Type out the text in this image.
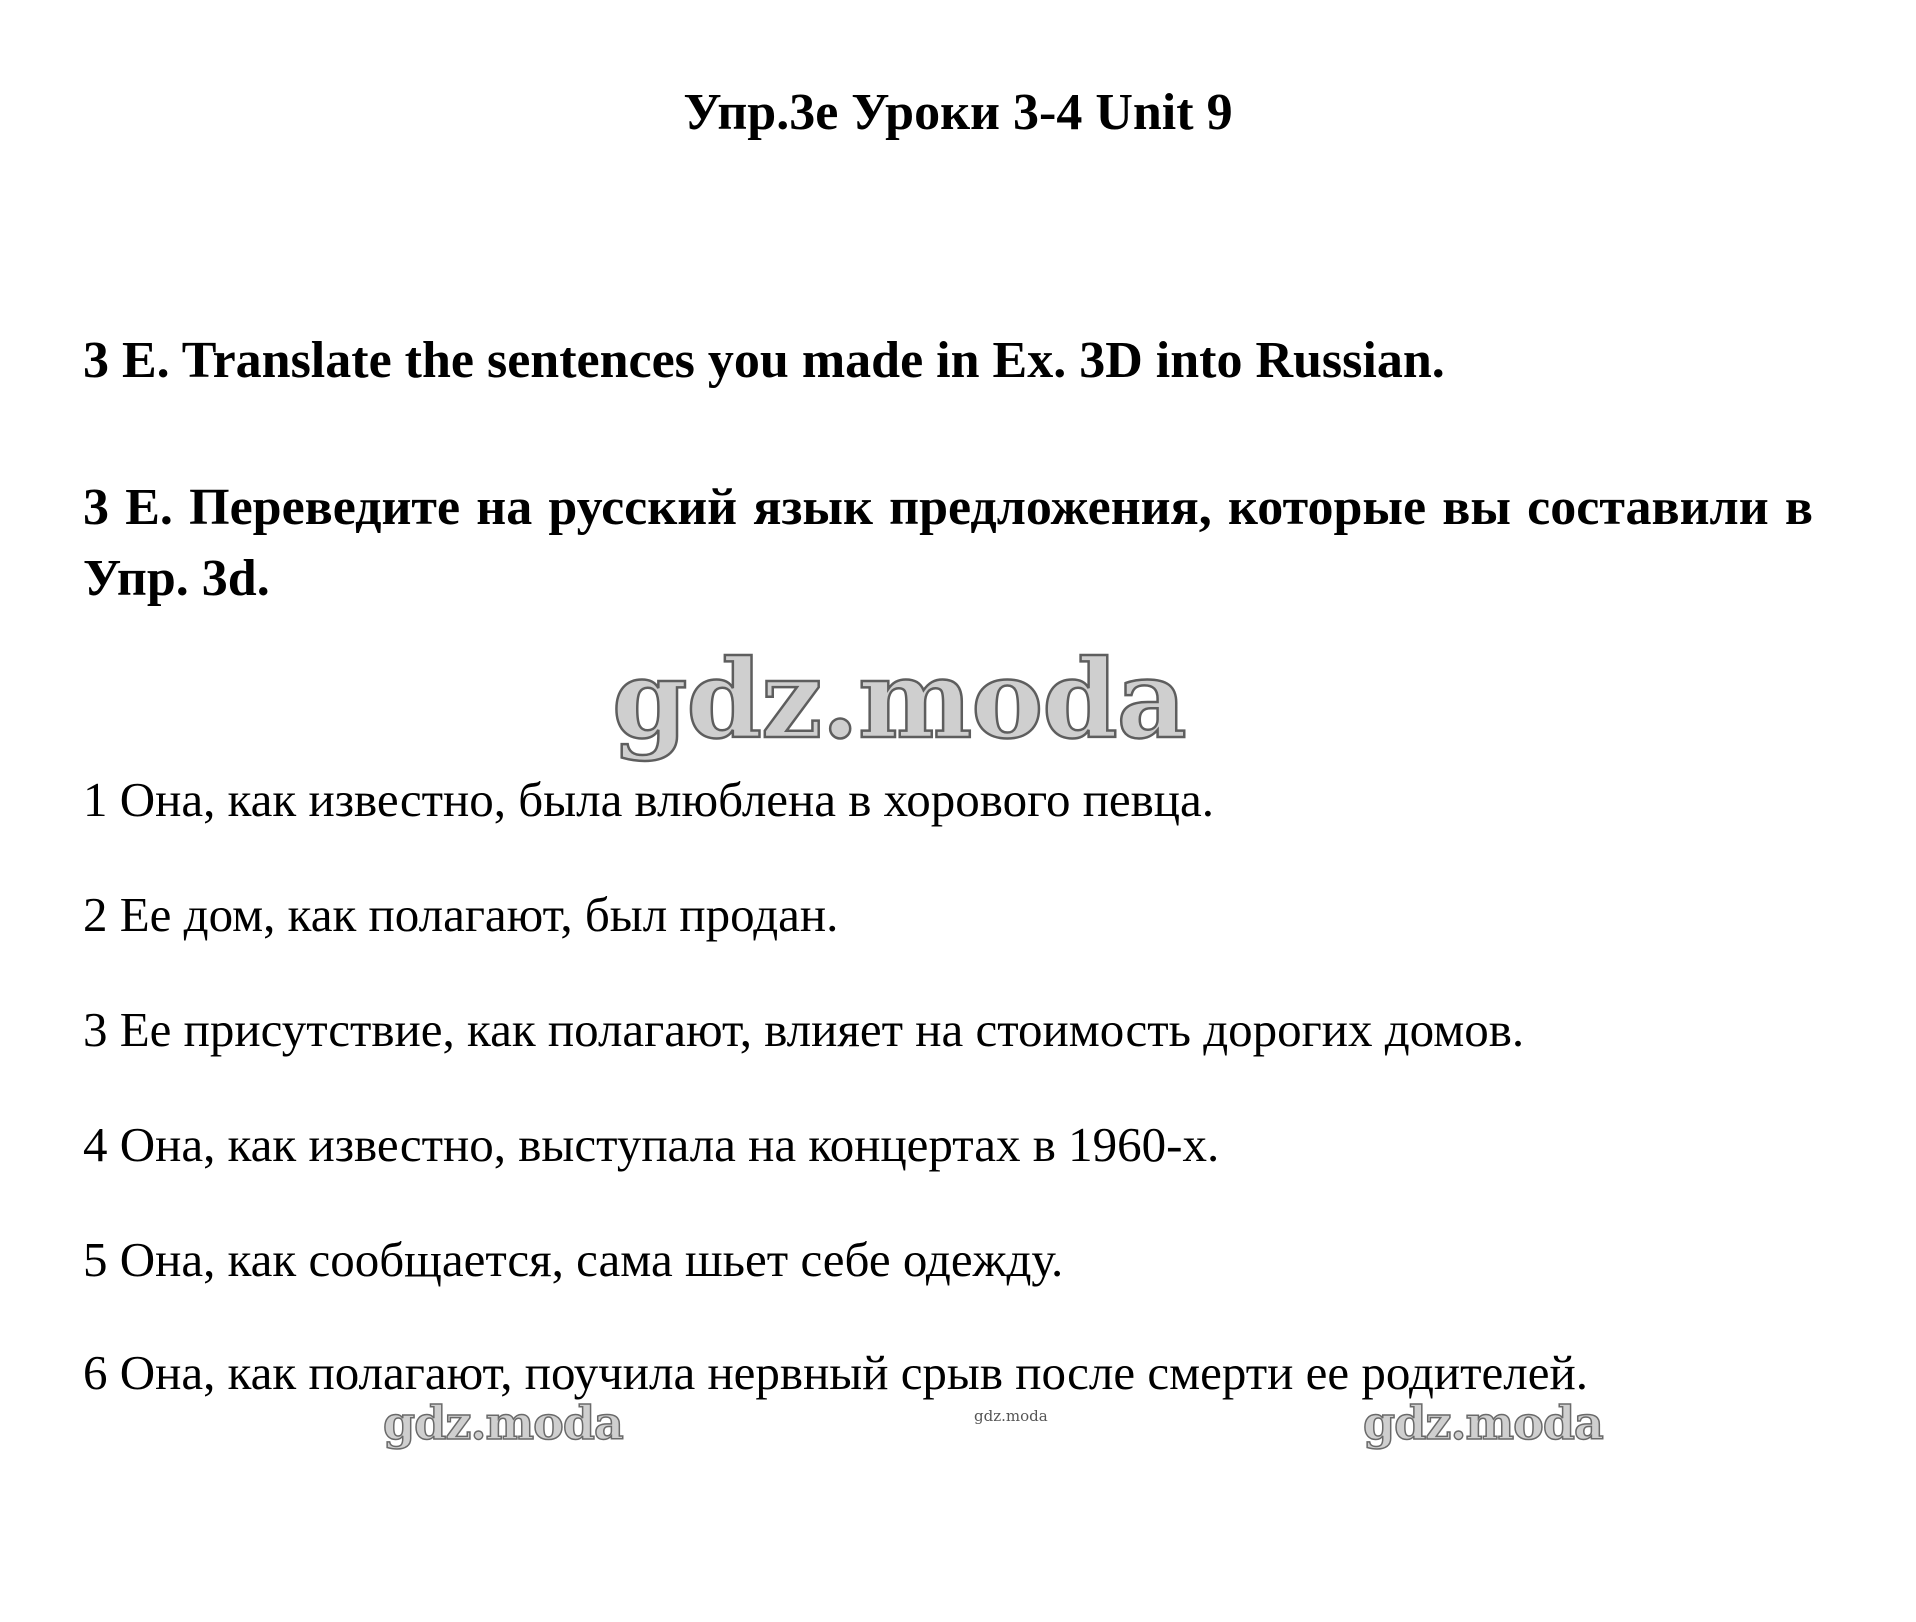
Упр.3е Уроки 3-4 Unit 9

3 E. Translate the sentences you made in Ex. 3D into Russian.

3 Е. Переведите на русский язык предложения, которые вы составили в Упр. 3d.

1 Она, как известно, была влюблена в хорового певца.
2 Ее дом, как полагают, был продан.
3 Ее присутствие, как полагают, влияет на стоимость дорогих домов.
4 Она, как известно, выступала на концертах в 1960-х.
5 Она, как сообщается, сама шьет себе одежду.
6 Она, как полагают, поучила нервный срыв после смерти ее родителей.
gdz.moda
gdz.moda	gdz.moda	gdz.moda
